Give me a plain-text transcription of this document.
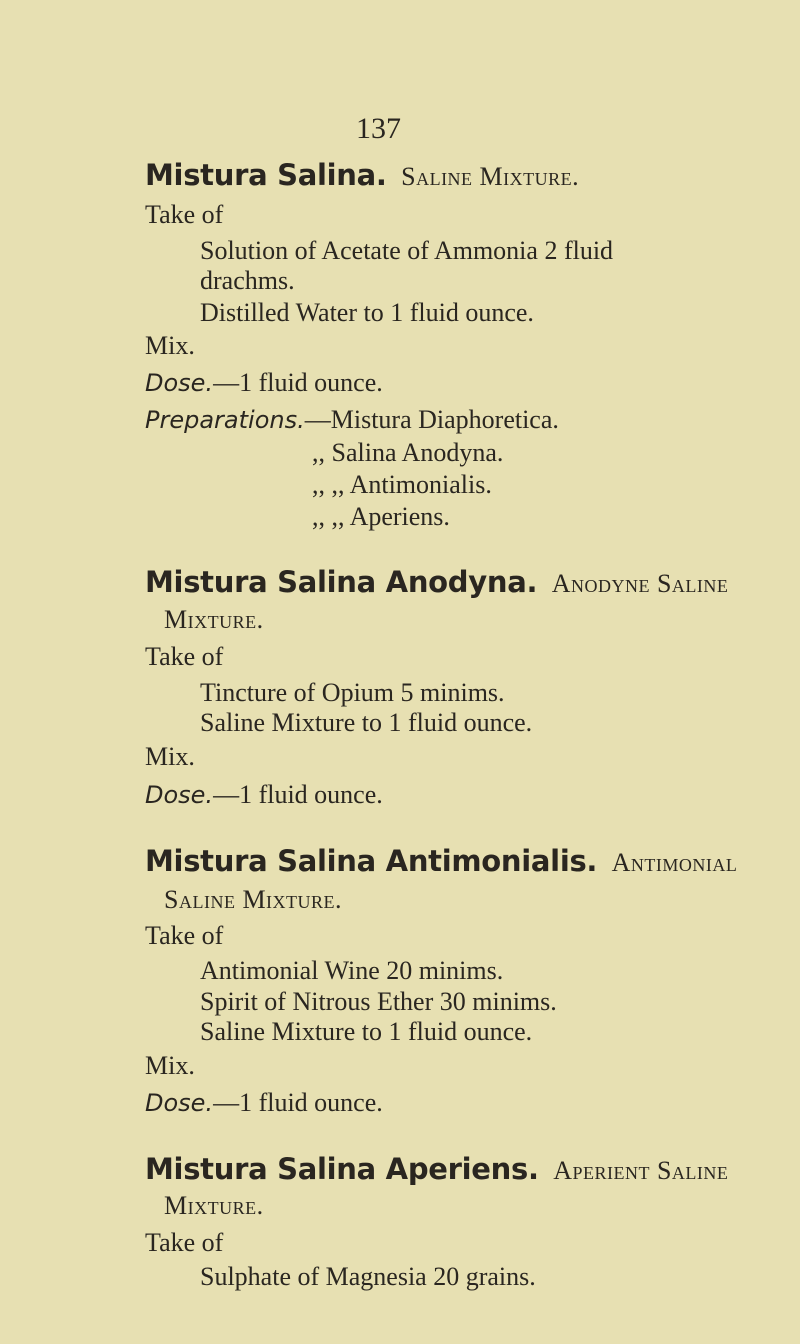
137
Mistura Salina. Saline Mixture.
Take of
Solution of Acetate of Ammonia 2 fluid
drachms.
Distilled Water to 1 fluid ounce.
Mix.
Dose.—1 fluid ounce.
Preparations.—Mistura Diaphoretica.
,, Salina Anodyna.
,, ,, Antimonialis.
,, ,, Aperiens.
Mistura Salina Anodyna. Anodyne Saline
Mixture.
Take of
Tincture of Opium 5 minims.
Saline Mixture to 1 fluid ounce.
Mix.
Dose.—1 fluid ounce.
Mistura Salina Antimonialis. Antimonial
Saline Mixture.
Take of
Antimonial Wine 20 minims.
Spirit of Nitrous Ether 30 minims.
Saline Mixture to 1 fluid ounce.
Mix.
Dose.—1 fluid ounce.
Mistura Salina Aperiens. Aperient Saline
Mixture.
Take of
Sulphate of Magnesia 20 grains.
